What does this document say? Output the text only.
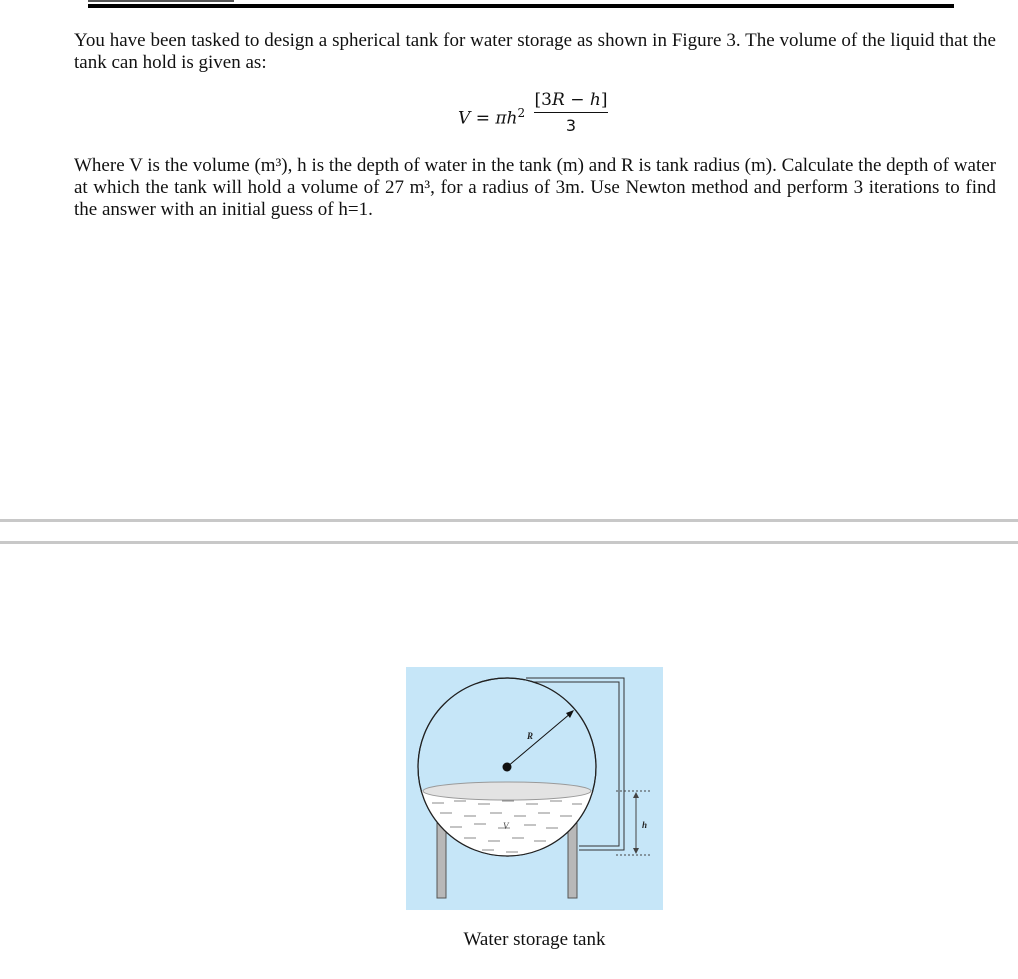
You have been tasked to design a spherical tank for water storage as shown in Figure 3. The volume of the liquid that the tank can hold is given as:

$V = \pi h^2 \frac{[3R - h]}{3}$

Where V is the volume (m³), h is the depth of water in the tank (m) and R is tank radius (m). Calculate the depth of water at which the tank will hold a volume of 27 m³, for a radius of 3m. Use Newton method and perform 3 iterations to find the answer with an initial guess of h=1.

R
V	h
Water storage tank
